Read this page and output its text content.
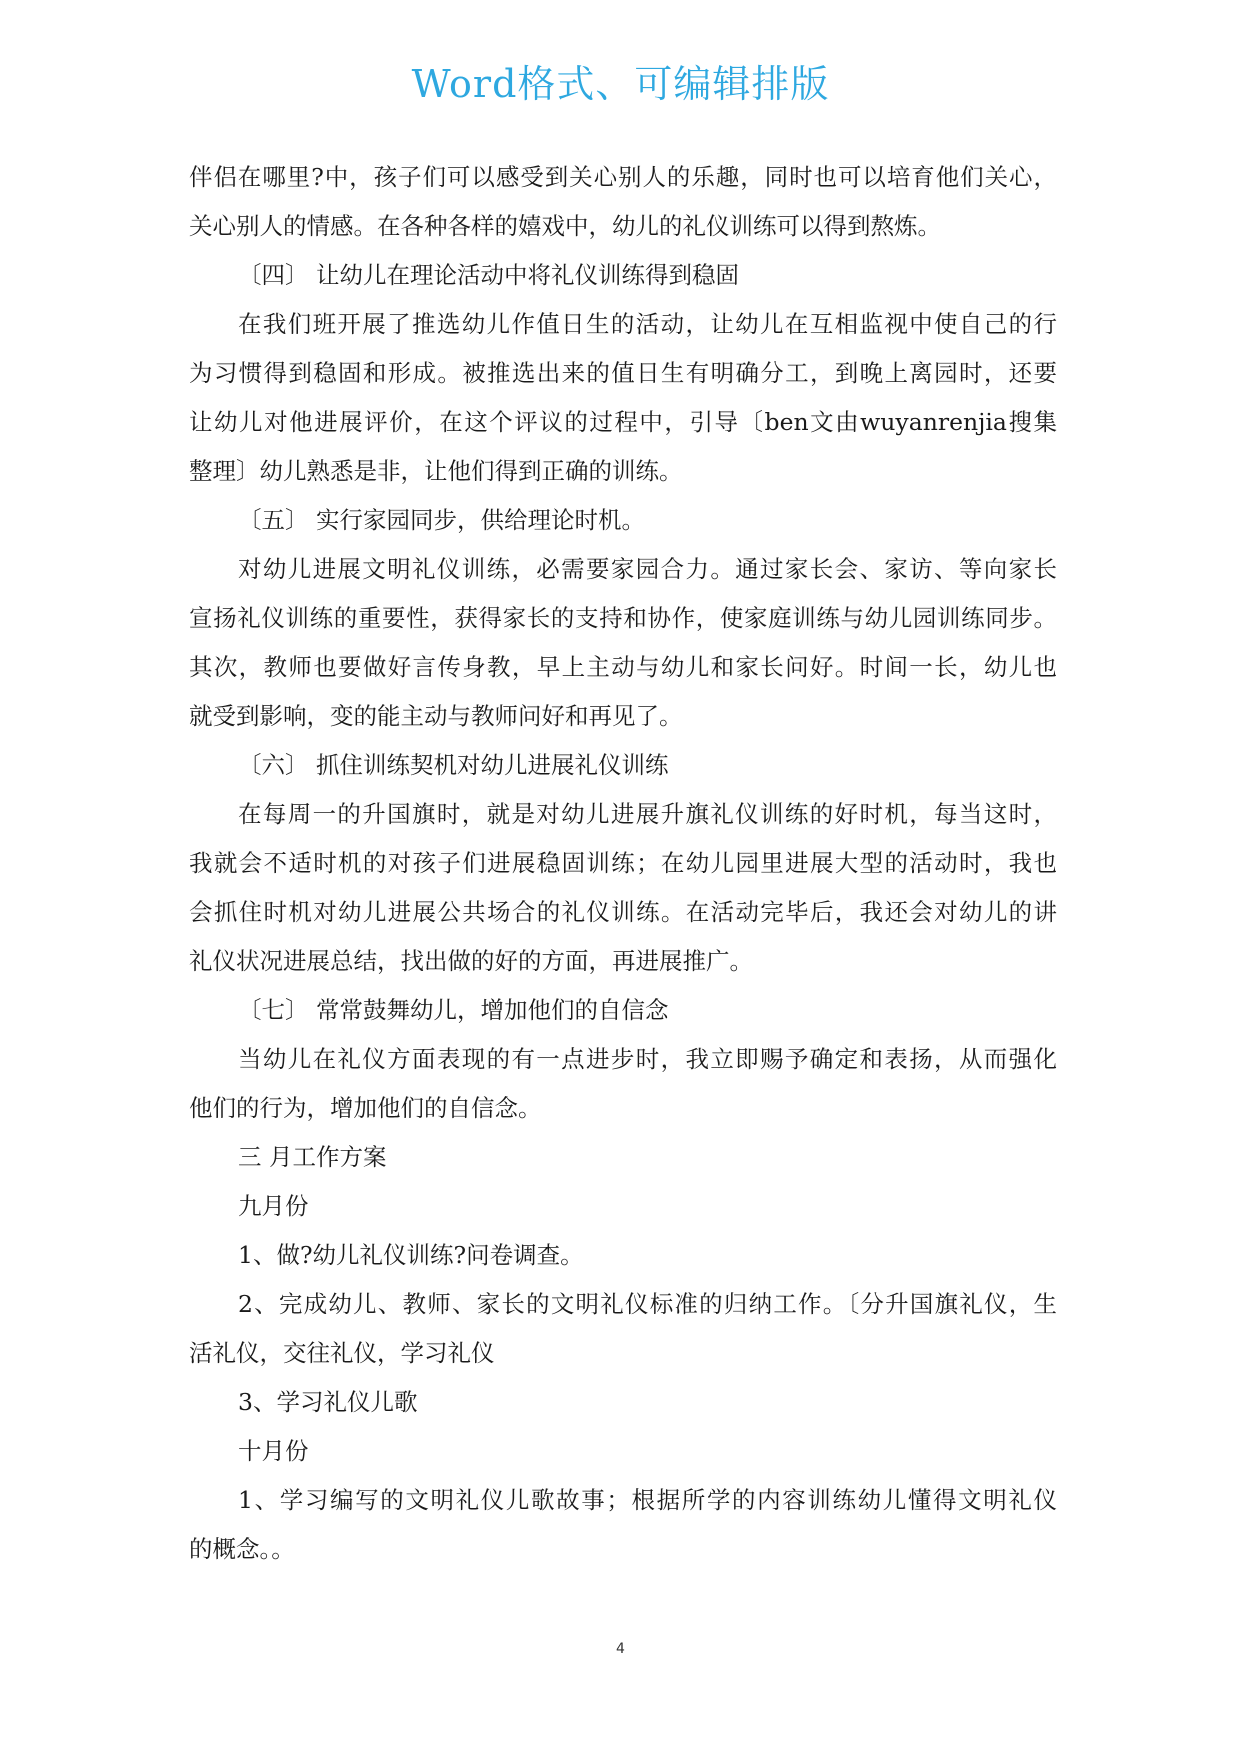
Word格式、可编辑排版
伴侣在哪里?中，孩子们可以感受到关心别人的乐趣，同时也可以培育他们关心，
关心别人的情感。在各种各样的嬉戏中，幼儿的礼仪训练可以得到熬炼。
〔四〕 让幼儿在理论活动中将礼仪训练得到稳固
在我们班开展了推选幼儿作值日生的活动，让幼儿在互相监视中使自己的行
为习惯得到稳固和形成。被推选出来的值日生有明确分工，到晚上离园时，还要
让幼儿对他进展评价，在这个评议的过程中，引导〔ben文由wuyanrenjia搜集
整理〕幼儿熟悉是非，让他们得到正确的训练。
〔五〕 实行家园同步，供给理论时机。
对幼儿进展文明礼仪训练，必需要家园合力。通过家长会、家访、等向家长
宣扬礼仪训练的重要性，获得家长的支持和协作，使家庭训练与幼儿园训练同步。
其次，教师也要做好言传身教，早上主动与幼儿和家长问好。时间一长，幼儿也
就受到影响，变的能主动与教师问好和再见了。
〔六〕 抓住训练契机对幼儿进展礼仪训练
在每周一的升国旗时，就是对幼儿进展升旗礼仪训练的好时机，每当这时，
我就会不适时机的对孩子们进展稳固训练；在幼儿园里进展大型的活动时，我也
会抓住时机对幼儿进展公共场合的礼仪训练。在活动完毕后，我还会对幼儿的讲
礼仪状况进展总结，找出做的好的方面，再进展推广。
〔七〕 常常鼓舞幼儿，增加他们的自信念
当幼儿在礼仪方面表现的有一点进步时，我立即赐予确定和表扬，从而强化
他们的行为，增加他们的自信念。
三 月工作方案
九月份
1、做?幼儿礼仪训练?问卷调查。
2、完成幼儿、教师、家长的文明礼仪标准的归纳工作。〔分升国旗礼仪，生
活礼仪，交往礼仪，学习礼仪
3、学习礼仪儿歌
十月份
1、学习编写的文明礼仪儿歌故事；根据所学的内容训练幼儿懂得文明礼仪
的概念。。
4
